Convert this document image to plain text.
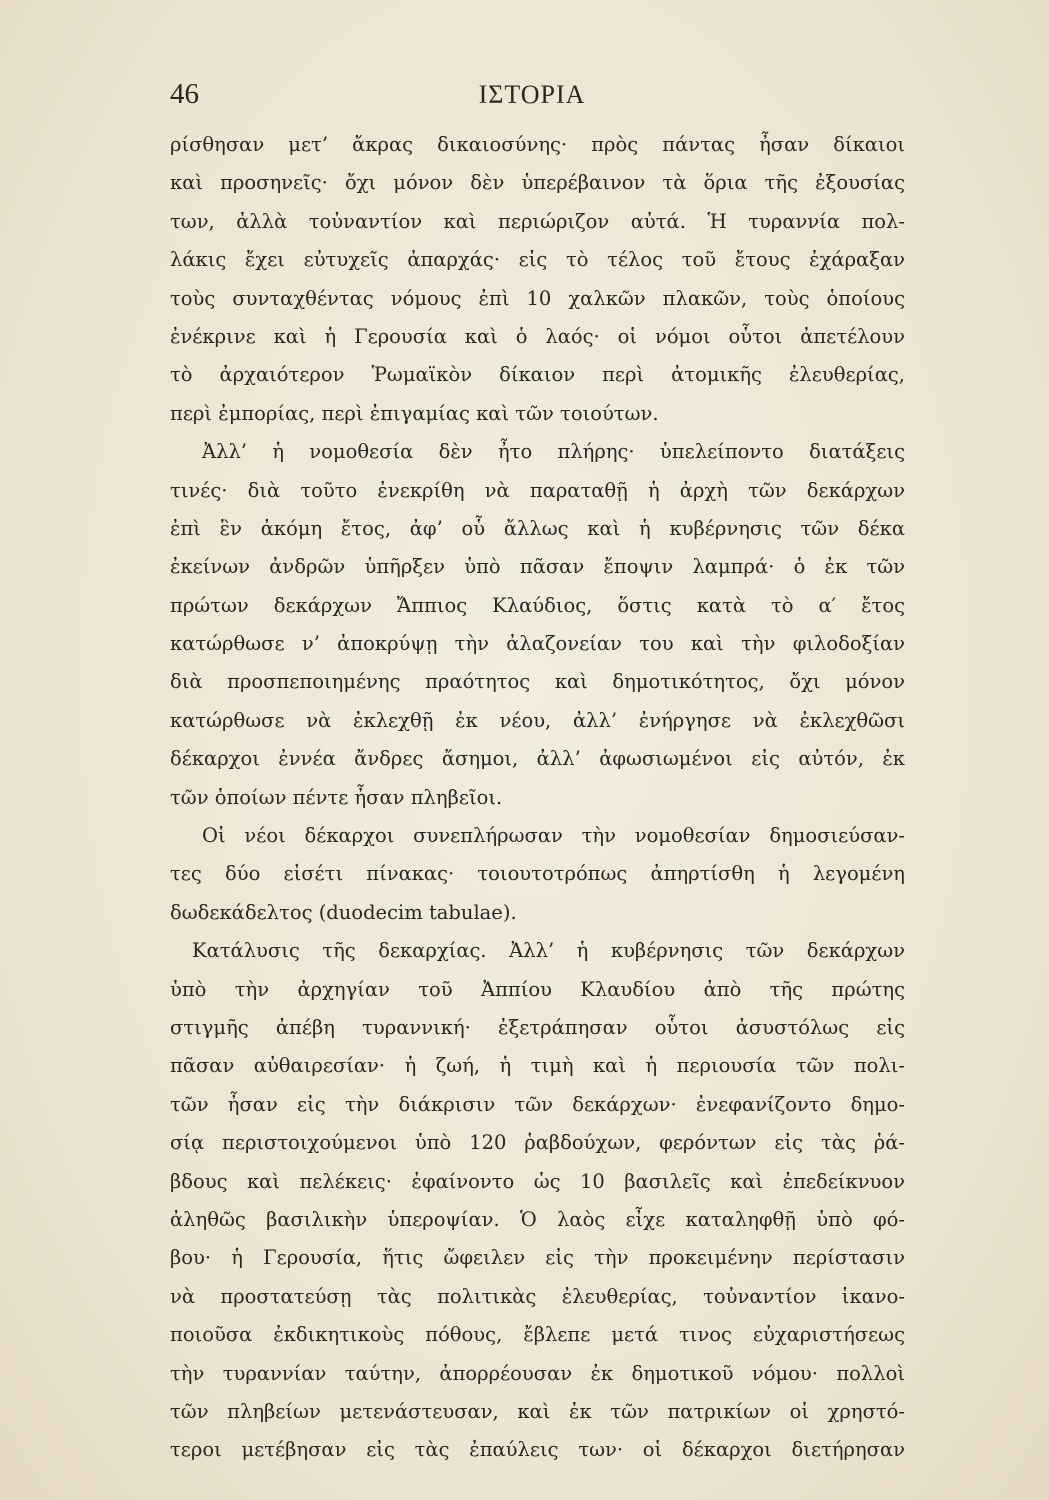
46	ΙΣΤΟΡΙΑ
ρίσθησαν μετ’ ἄκρας δικαιοσύνης· πρὸς πάντας ἦσαν δίκαιοι
καὶ προσηνεῖς· ὄχι μόνον δὲν ὑπερέβαινον τὰ ὅρια τῆς ἐξουσίας
των, ἀλλὰ τοὐναντίον καὶ περιώριζον αὐτά. Ἡ τυραννία πολ-
λάκις ἔχει εὐτυχεῖς ἀπαρχάς· εἰς τὸ τέλος τοῦ ἔτους ἐχάραξαν
τοὺς συνταχθέντας νόμους ἐπὶ 10 χαλκῶν πλακῶν, τοὺς ὁποίους
ἐνέκρινε καὶ ἡ Γερουσία καὶ ὁ λαός· οἱ νόμοι οὗτοι ἀπετέλουν
τὸ ἀρχαιότερον Ῥωμαϊκὸν δίκαιον περὶ ἀτομικῆς ἐλευθερίας,
περὶ ἐμπορίας, περὶ ἐπιγαμίας καὶ τῶν τοιούτων.
Ἀλλ’ ἡ νομοθεσία δὲν ἦτο πλήρης· ὑπελείποντο διατάξεις
τινές· διὰ τοῦτο ἐνεκρίθη νὰ παραταθῇ ἡ ἀρχὴ τῶν δεκάρχων
ἐπὶ ἓν ἀκόμη ἔτος, ἀφ’ οὗ ἄλλως καὶ ἡ κυβέρνησις τῶν δέκα
ἐκείνων ἀνδρῶν ὑπῆρξεν ὑπὸ πᾶσαν ἔποψιν λαμπρά· ὁ ἐκ τῶν
πρώτων δεκάρχων Ἄππιος Κλαύδιος, ὅστις κατὰ τὸ α′ ἔτος
κατώρθωσε ν’ ἀποκρύψῃ τὴν ἀλαζονείαν του καὶ τὴν φιλοδοξίαν
διὰ προσπεποιημένης πραότητος καὶ δημοτικότητος, ὄχι μόνον
κατώρθωσε νὰ ἐκλεχθῇ ἐκ νέου, ἀλλ’ ἐνήργησε νὰ ἐκλεχθῶσι
δέκαρχοι ἐννέα ἄνδρες ἄσημοι, ἀλλ’ ἀφωσιωμένοι εἰς αὐτόν, ἐκ
τῶν ὁποίων πέντε ἦσαν πληβεῖοι.
Οἱ νέοι δέκαρχοι συνεπλήρωσαν τὴν νομοθεσίαν δημοσιεύσαν-
τες δύο εἰσέτι πίνακας· τοιουτοτρόπως ἀπηρτίσθη ἡ λεγομένη
δωδεκάδελτος (duodecim tabulae).
Κατάλυσις τῆς δεκαρχίας. Ἀλλ’ ἡ κυβέρνησις τῶν δεκάρχων
ὑπὸ τὴν ἀρχηγίαν τοῦ Ἀππίου Κλαυδίου ἀπὸ τῆς πρώτης
στιγμῆς ἀπέβη τυραννική· ἐξετράπησαν οὗτοι ἀσυστόλως εἰς
πᾶσαν αὐθαιρεσίαν· ἡ ζωή, ἡ τιμὴ καὶ ἡ περιουσία τῶν πολι-
τῶν ἦσαν εἰς τὴν διάκρισιν τῶν δεκάρχων· ἐνεφανίζοντο δημο-
σίᾳ περιστοιχούμενοι ὑπὸ 120 ῥαβδούχων, φερόντων εἰς τὰς ῥά-
βδους καὶ πελέκεις· ἐφαίνοντο ὡς 10 βασιλεῖς καὶ ἐπεδείκνυον
ἀληθῶς βασιλικὴν ὑπεροψίαν. Ὁ λαὸς εἶχε καταληφθῇ ὑπὸ φό-
βου· ἡ Γερουσία, ἥτις ὤφειλεν εἰς τὴν προκειμένην περίστασιν
νὰ προστατεύσῃ τὰς πολιτικὰς ἐλευθερίας, τοὐναντίον ἱκανο-
ποιοῦσα ἐκδικητικοὺς πόθους, ἔβλεπε μετά τινος εὐχαριστήσεως
τὴν τυραννίαν ταύτην, ἀπορρέουσαν ἐκ δημοτικοῦ νόμου· πολλοὶ
τῶν πληβείων μετενάστευσαν, καὶ ἐκ τῶν πατρικίων οἱ χρηστό-
τεροι μετέβησαν εἰς τὰς ἐπαύλεις των· οἱ δέκαρχοι διετήρησαν
